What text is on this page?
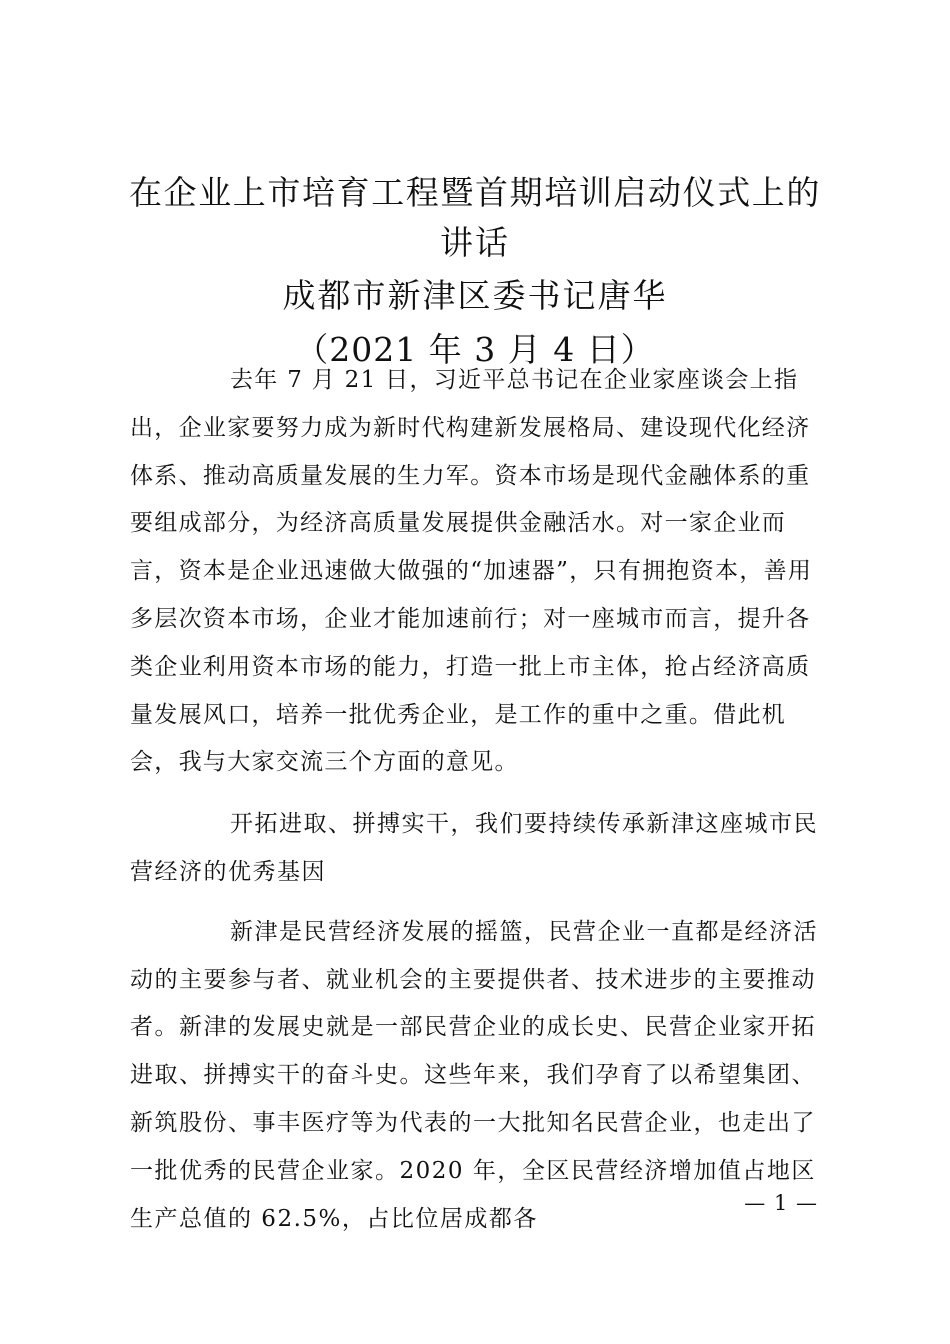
在企业上市培育工程暨首期培训启动仪式上的
讲话
成都市新津区委书记唐华
（2021 年 3 月 4 日）

去年 7 月 21 日，习近平总书记在企业家座谈会上指出，企业家要努力成为新时代构建新发展格局、建设现代化经济体系、推动高质量发展的生力军。资本市场是现代金融体系的重要组成部分，为经济高质量发展提供金融活水。对一家企业而言，资本是企业迅速做大做强的“加速器”，只有拥抱资本，善用多层次资本市场，企业才能加速前行；对一座城市而言，提升各类企业利用资本市场的能力，打造一批上市主体，抢占经济高质量发展风口，培养一批优秀企业，是工作的重中之重。借此机会，我与大家交流三个方面的意见。

开拓进取、拼搏实干，我们要持续传承新津这座城市民营经济的优秀基因

新津是民营经济发展的摇篮，民营企业一直都是经济活动的主要参与者、就业机会的主要提供者、技术进步的主要推动者。新津的发展史就是一部民营企业的成长史、民营企业家开拓进取、拼搏实干的奋斗史。这些年来，我们孕育了以希望集团、新筑股份、事丰医疗等为代表的一大批知名民营企业，也走出了一批优秀的民营企业家。2020 年，全区民营经济增加值占地区生产总值的 62.5%，占比位居成都各

— 1 —
